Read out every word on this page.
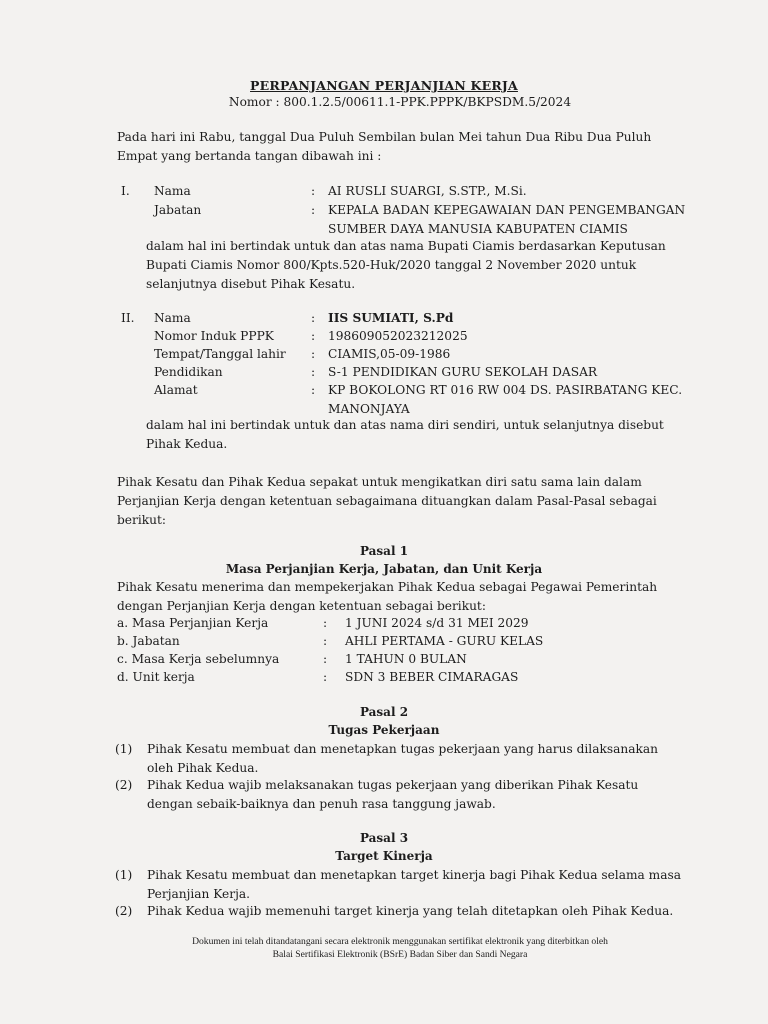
PERPANJANGAN PERJANJIAN KERJA
Nomor : 800.1.2.5/00611.1-PPK.PPPK/BKPSDM.5/2024
Pada hari ini Rabu, tanggal Dua Puluh Sembilan bulan Mei tahun Dua Ribu Dua Puluh
Empat yang bertanda tangan dibawah ini :
I.	Nama	:	AI RUSLI SUARGI, S.STP., M.Si.
Jabatan	:	KEPALA BADAN KEPEGAWAIAN DAN PENGEMBANGAN
SUMBER DAYA MANUSIA KABUPATEN CIAMIS
dalam hal ini bertindak untuk dan atas nama Bupati Ciamis berdasarkan Keputusan
Bupati Ciamis Nomor 800/Kpts.520-Huk/2020 tanggal 2 November 2020 untuk
selanjutnya disebut Pihak Kesatu.
II.	Nama	:	IIS SUMIATI, S.Pd
Nomor Induk PPPK	:	198609052023212025
Tempat/Tanggal lahir	:	CIAMIS,05-09-1986
Pendidikan	:	S-1 PENDIDIKAN GURU SEKOLAH DASAR
Alamat	:	KP BOKOLONG RT 016 RW 004 DS. PASIRBATANG KEC.
MANONJAYA
dalam hal ini bertindak untuk dan atas nama diri sendiri, untuk selanjutnya disebut
Pihak Kedua.
Pihak Kesatu dan Pihak Kedua sepakat untuk mengikatkan diri satu sama lain dalam
Perjanjian Kerja dengan ketentuan sebagaimana dituangkan dalam Pasal-Pasal sebagai
berikut:
Pasal 1
Masa Perjanjian Kerja, Jabatan, dan Unit Kerja
Pihak Kesatu menerima dan mempekerjakan Pihak Kedua sebagai Pegawai Pemerintah
dengan Perjanjian Kerja dengan ketentuan sebagai berikut:
a. Masa Perjanjian Kerja	:	1 JUNI 2024 s/d 31 MEI 2029
b. Jabatan	:	AHLI PERTAMA - GURU KELAS
c. Masa Kerja sebelumnya	:	1 TAHUN 0 BULAN
d. Unit kerja	:	SDN 3 BEBER CIMARAGAS
Pasal 2
Tugas Pekerjaan
(1)	Pihak Kesatu membuat dan menetapkan tugas pekerjaan yang harus dilaksanakan
oleh Pihak Kedua.
(2)	Pihak Kedua wajib melaksanakan tugas pekerjaan yang diberikan Pihak Kesatu
dengan sebaik-baiknya dan penuh rasa tanggung jawab.
Pasal 3
Target Kinerja
(1)	Pihak Kesatu membuat dan menetapkan target kinerja bagi Pihak Kedua selama masa
Perjanjian Kerja.
(2)	Pihak Kedua wajib memenuhi target kinerja yang telah ditetapkan oleh Pihak Kedua.
Dokumen ini telah ditandatangani secara elektronik menggunakan sertifikat elektronik yang diterbitkan oleh
Balai Sertifikasi Elektronik (BSrE) Badan Siber dan Sandi Negara
